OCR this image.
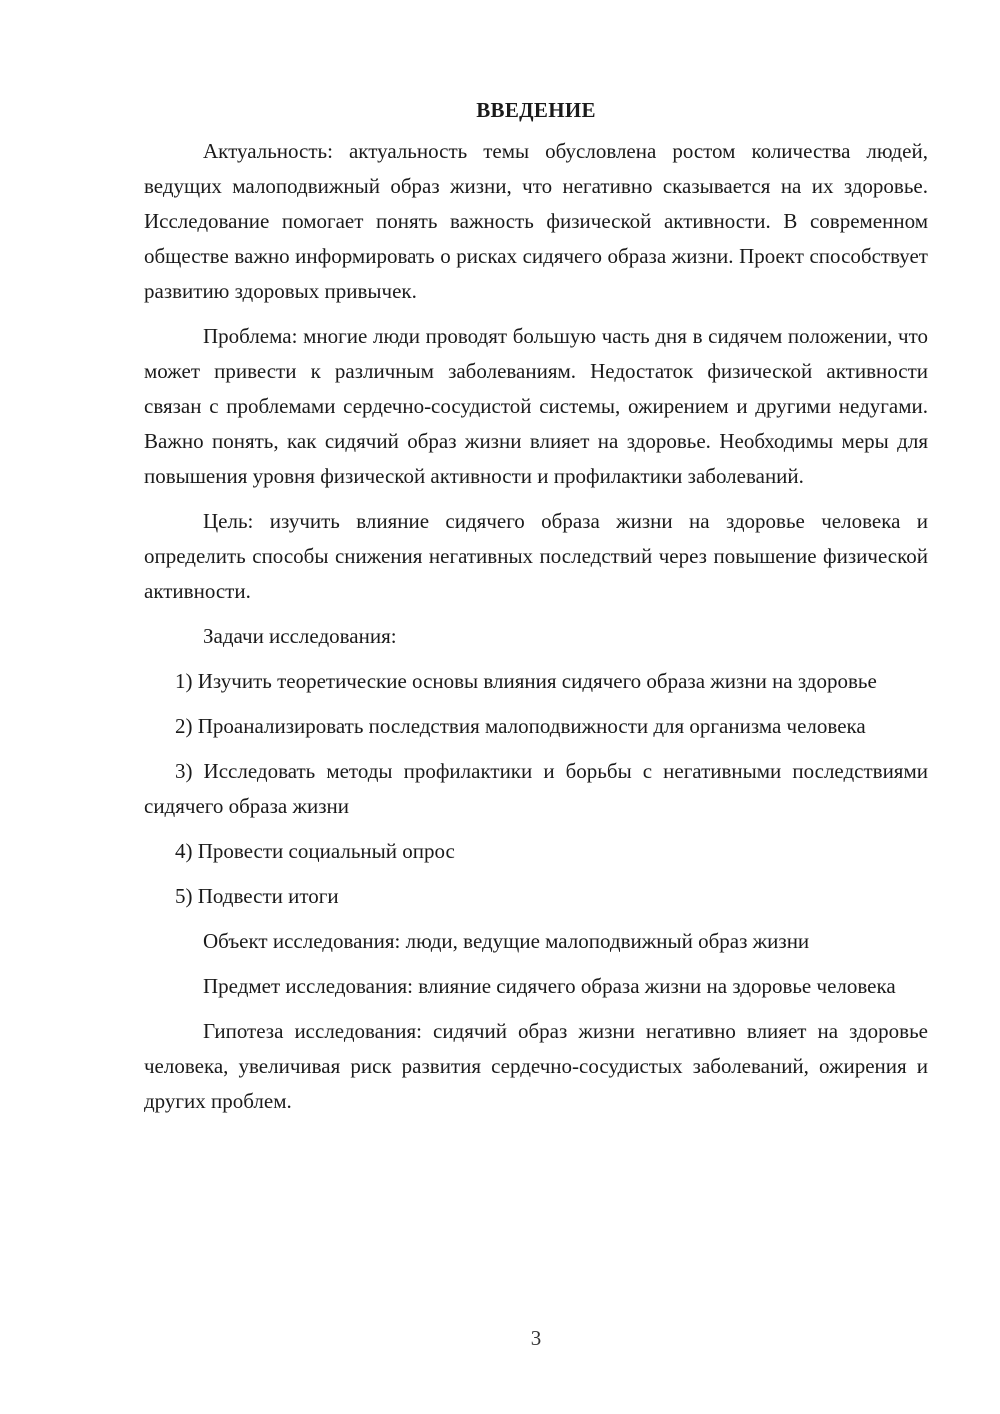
ВВЕДЕНИЕ

Актуальность: актуальность темы обусловлена ростом количества людей, ведущих малоподвижный образ жизни, что негативно сказывается на их здоровье. Исследование помогает понять важность физической активности. В современном обществе важно информировать о рисках сидячего образа жизни. Проект способствует развитию здоровых привычек.

Проблема: многие люди проводят большую часть дня в сидячем положении, что может привести к различным заболеваниям. Недостаток физической активности связан с проблемами сердечно-сосудистой системы, ожирением и другими недугами. Важно понять, как сидячий образ жизни влияет на здоровье. Необходимы меры для повышения уровня физической активности и профилактики заболеваний.

Цель: изучить влияние сидячего образа жизни на здоровье человека и определить способы снижения негативных последствий через повышение физической активности.

Задачи исследования:

1) Изучить теоретические основы влияния сидячего образа жизни на здоровье

2) Проанализировать последствия малоподвижности для организма человека

3) Исследовать методы профилактики и борьбы с негативными последствиями сидячего образа жизни

4) Провести социальный опрос

5) Подвести итоги

Объект исследования: люди, ведущие малоподвижный образ жизни

Предмет исследования: влияние сидячего образа жизни на здоровье человека

Гипотеза исследования: сидячий образ жизни негативно влияет на здоровье человека, увеличивая риск развития сердечно-сосудистых заболеваний, ожирения и других проблем.

3
